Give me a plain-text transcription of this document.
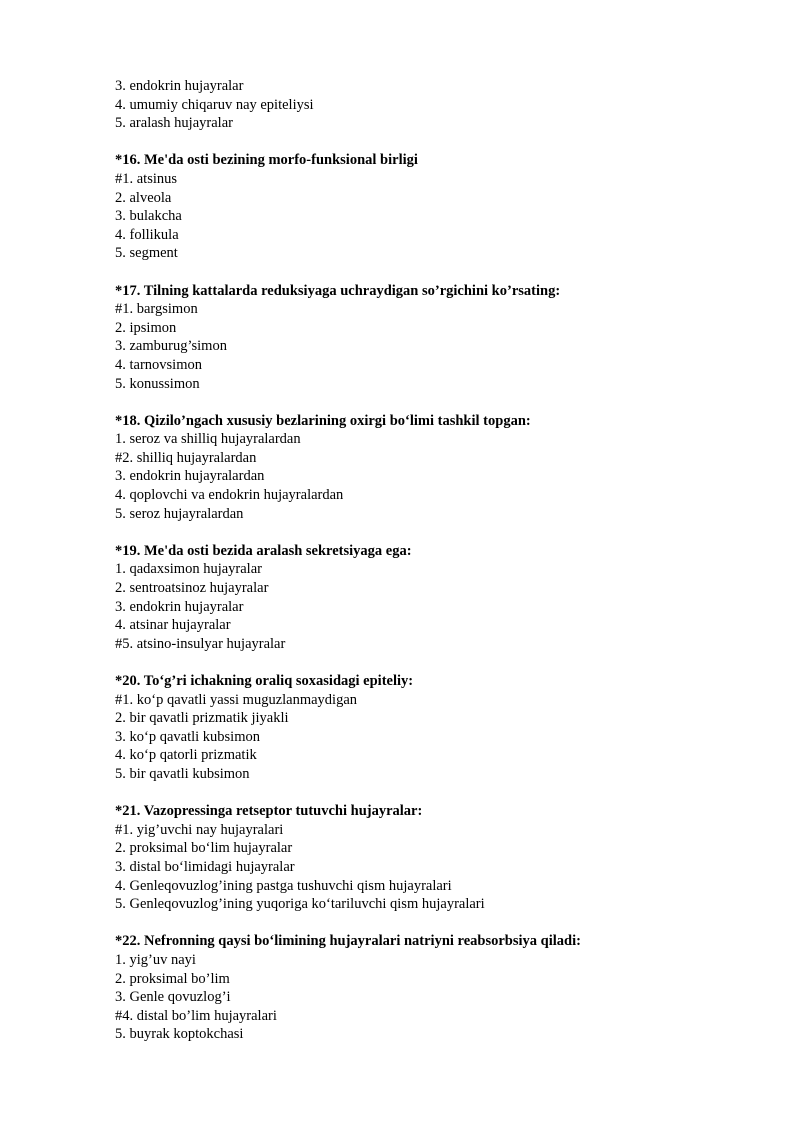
3. endokrin hujayralar
4. umumiy chiqaruv nay epiteliysi
5. aralash hujayralar
*16. Me'da osti bezining morfo-funksional birligi
#1. atsinus
2. alveola
3. bulakcha
4. follikula
5. segment
*17. Tilning kattalarda reduksiyaga uchraydigan so’rgichini ko’rsating:
#1. bargsimon
2. ipsimon
3. zamburug’simon
4. tarnovsimon
5. konussimon
*18. Qizilo’ngach xususiy bezlarining oxirgi bo‘limi tashkil topgan:
1. seroz va shilliq hujayralardan
#2. shilliq hujayralardan
3. endokrin hujayralardan
4. qoplovchi va endokrin hujayralardan
5. seroz hujayralardan
*19. Me'da osti bezida aralash sekretsiyaga ega:
1. qadaxsimon hujayralar
2. sentroatsinoz hujayralar
3. endokrin hujayralar
4. atsinar hujayralar
#5. atsino-insulyar hujayralar
*20. To‘g’ri ichakning oraliq soxasidagi epiteliy:
#1. ko‘p qavatli yassi muguzlanmaydigan
2. bir qavatli prizmatik jiyakli
3. ko‘p qavatli kubsimon
4. ko‘p qatorli prizmatik
5. bir qavatli kubsimon
*21. Vazopressinga retseptor tutuvchi hujayralar:
#1. yig’uvchi nay hujayralari
2. proksimal bo‘lim hujayralar
3. distal bo‘limidagi hujayralar
4. Genleqovuzlog’ining pastga tushuvchi qism hujayralari
5. Genleqovuzlog’ining yuqoriga ko‘tariluvchi qism hujayralari
*22. Nefronning qaysi bo‘limining hujayralari natriyni reabsorbsiya qiladi:
1. yig’uv nayi
2. proksimal bo’lim
3. Genle qovuzlog’i
#4. distal bo’lim hujayralari
5. buyrak koptokchasi
